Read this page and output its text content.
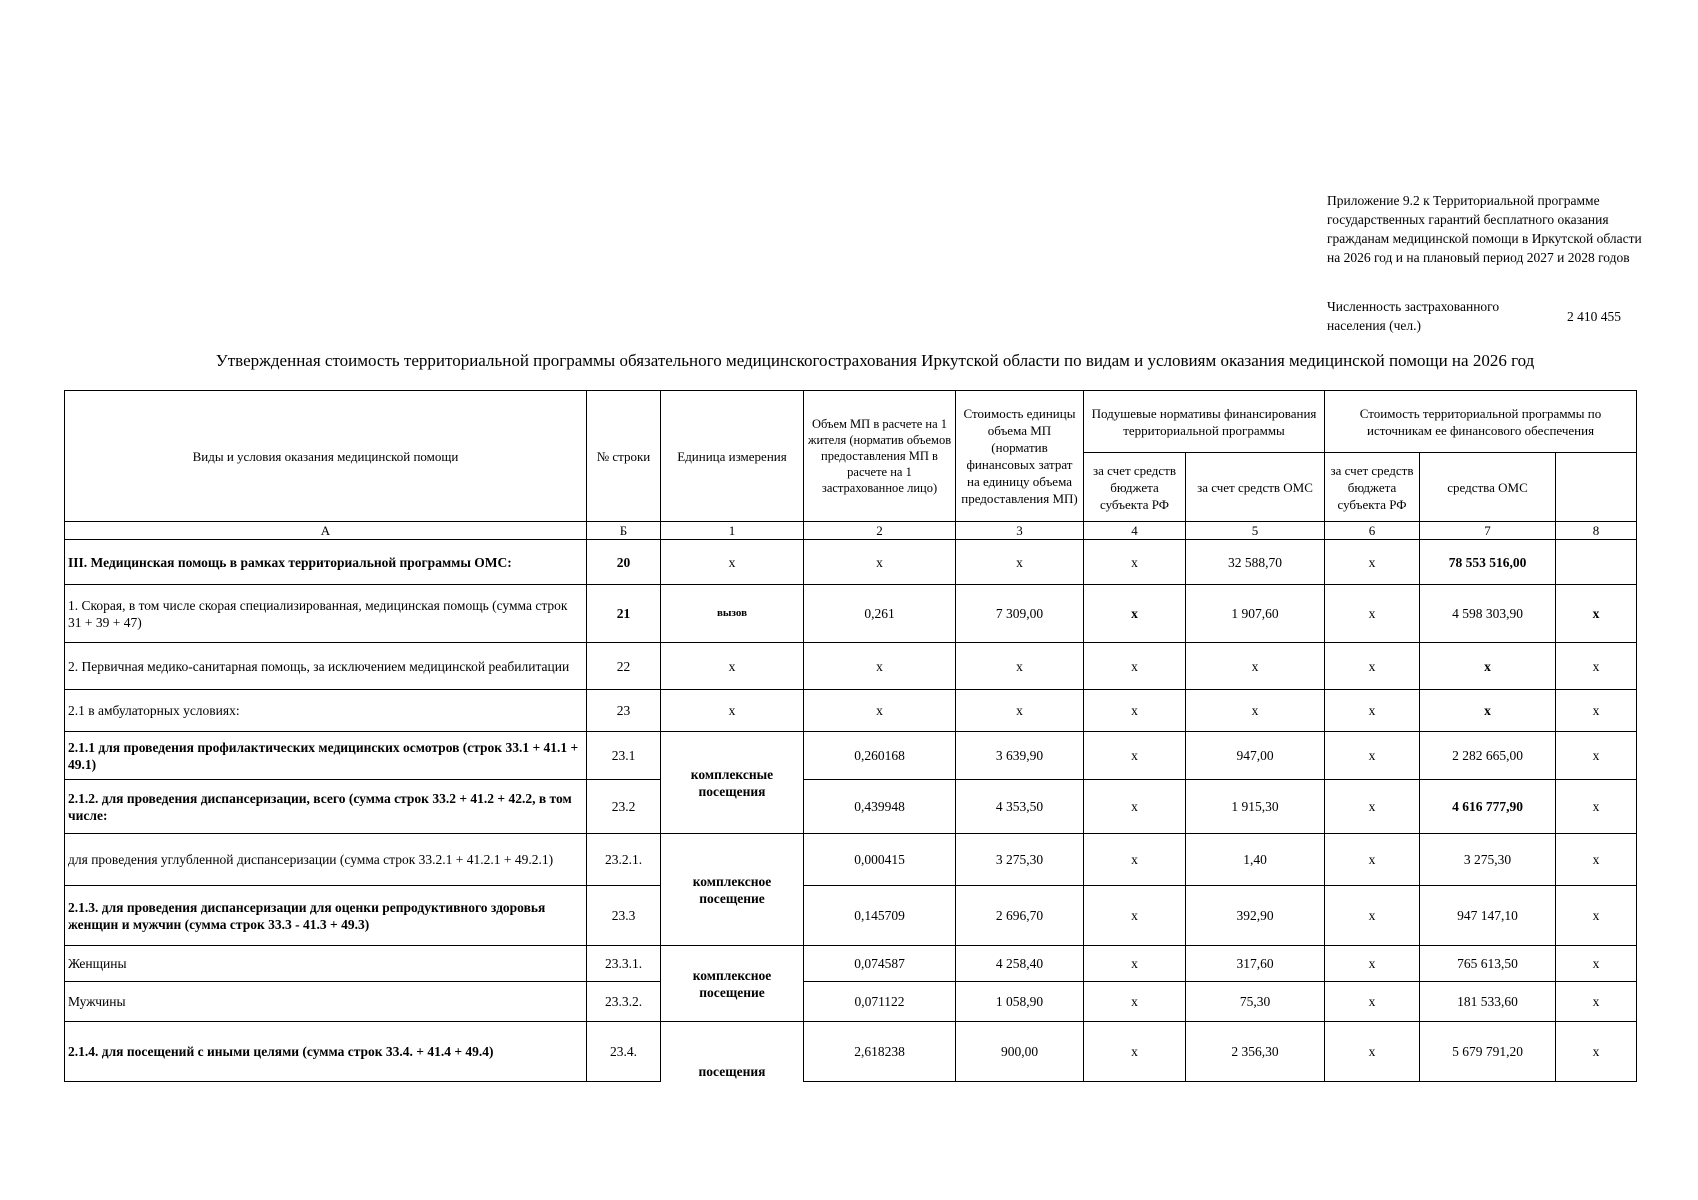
Приложение 9.2 к Территориальной программе государственных гарантий бесплатного оказания гражданам медицинской помощи в Иркутской области на 2026 год и на плановый период 2027 и 2028 годов
Численность застрахованного населения (чел.)
2 410 455
Утвержденная стоимость территориальной программы обязательного медицинскогострахования Иркутской области по видам и условиям оказания медицинской помощи на 2026 год
Виды и условия оказания медицинской помощи	№ строки	Единица измерения	Объем МП в расчете на 1 жителя (норматив объемов предоставления МП в расчете на 1 застрахованное лицо)	Стоимость единицы объема МП (норматив финансовых затрат на единицу объема предоставления МП)	Подушевые нормативы финансирования территориальной программы		Стоимость территориальной программы по источникам ее финансового обеспечения		
					за счет средств бюджета субъекта РФ	за счет средств ОМС	за счет средств бюджета субъекта РФ	средства ОМС	
А	Б	1	2	3	4	5	6	7	8
III. Медицинская помощь в рамках территориальной программы ОМС:	20	х	х	х	х	32 588,70	х	78 553 516,00	
1. Скорая, в том числе скорая специализированная, медицинская помощь (сумма строк 31 + 39 + 47)	21	вызов	0,261	7 309,00	х	1 907,60	х	4 598 303,90	х
2. Первичная медико-санитарная помощь, за исключением медицинской реабилитации	22	х	х	х	х	х	х	х	х
2.1 в амбулаторных условиях:	23	х	х	х	х	х	х	х	х
2.1.1 для проведения профилактических медицинских осмотров (строк 33.1 + 41.1 + 49.1)	23.1	комплексные посещения	0,260168	3 639,90	х	947,00	х	2 282 665,00	х
2.1.2. для проведения диспансеризации, всего (сумма строк 33.2 + 41.2 + 42.2, в том числе:	23.2		0,439948	4 353,50	х	1 915,30	х	4 616 777,90	х
для проведения углубленной диспансеризации (сумма строк 33.2.1 + 41.2.1 + 49.2.1)	23.2.1.	комплексное посещение	0,000415	3 275,30	х	1,40	х	3 275,30	х
2.1.3. для проведения диспансеризации для оценки репродуктивного здоровья женщин и мужчин (сумма строк 33.3 - 41.3 + 49.3)	23.3		0,145709	2 696,70	х	392,90	х	947 147,10	х
Женщины	23.3.1.	комплексное посещение	0,074587	4 258,40	х	317,60	х	765 613,50	х
Мужчины	23.3.2.		0,071122	1 058,90	х	75,30	х	181 533,60	х
2.1.4. для посещений с иными целями (сумма строк 33.4. + 41.4 + 49.4)	23.4.	посещения	2,618238	900,00	х	2 356,30	х	5 679 791,20	х
